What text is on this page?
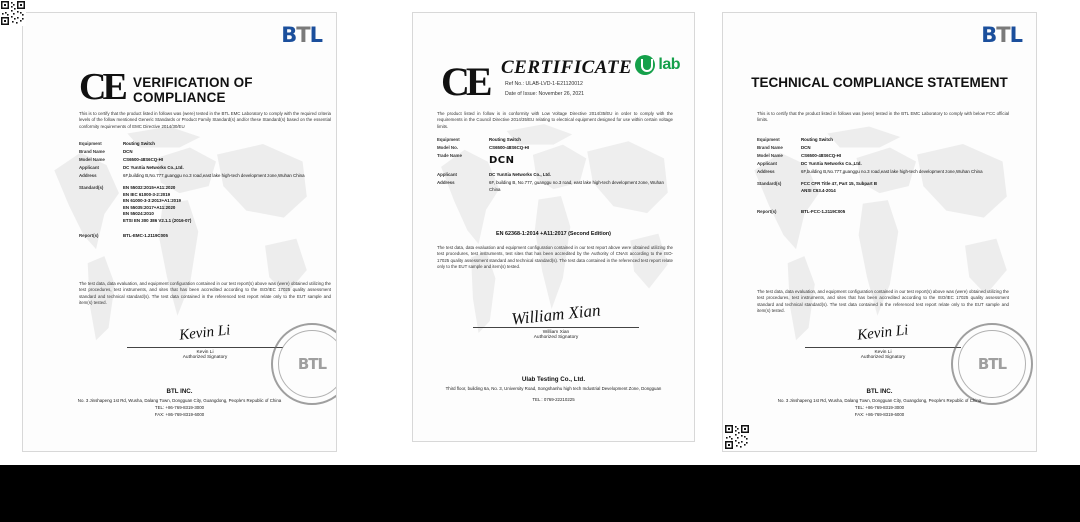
BTL
CE VERIFICATION OF COMPLIANCE
This is to certify that the product listed in follows was (were) tested in the BTL EMC Laboratory to comply with the required criteria levels of the follow mentioned Generic Standards or Product Family Standard(s) and/or these Standard(s) based on the essential conformity requirements of EMC Directive 2014/30/EU
Equipment	Routing Switch
Brand Name	DCN
Model Name	CS6500-48S6CQ-HI
Applicant	DC YunXia Networks Co.,Ltd.
Address	6F,building B,No.777,guanggu no.3 road,east lake high-tech development zone,Wuhan China
Standard(s)	EN 55032:2015+A11:2020
EN IEC 61000-3-2:2019
EN 61000-3-3:2013+A1:2019
EN 55035:2017+A11:2020
EN 55024:2010
ETSI EN 300 386 V2.1.1 (2016-07)
Report(s)	BTL-EMC-1.2119C005
The test data, data evaluation, and equipment configuration contained in our test report(s) above was (were) obtained utilizing the test procedures, test instruments, and sites that has been accredited according to the ISO/IEC 17025 quality assessment standard and technical standard(s). The test data contained in the referenced test report relate only to the EUT sample and item(s) tested.
Kevin Li
Kevin Li
Authorized Signatory	BTL
BTL INC.
No. 3 Jinshapeng 1st Rd, Wusha, Dalang Town, Dongguan City, Guangdong, People's Republic of China
TEL: +86-769-8319-3000
FAX: +86-769-8319-6000
CE CERTIFICATE
Ref No.: ULAB-LVD-1-E21120012
Date of Issue: November 26, 2021
lab
The product listed in follow is in conformity with Low Voltage Directive 2014/35/EU in order to comply with the requirements in the Council Directive 2014/35/EU relating to electrical equipment designed for use within certain voltage limits.
Equipment	Routing Switch
Model No.	CS6500-48S6CQ-HI
Trade Name	DCN
Applicant	DC YunXia Networks Co., Ltd.
Address	6F, building B, No.777, guanggu no.3 road, east lake high-tech development zone, Wuhan China
EN 62368-1:2014 +A11:2017 (Second Edition)
The test data, data evaluation and equipment configuration contained in our test report above were obtained utilizing the test procedures, test instruments, test sites that has been accredited by the Authority of CNAS according to the ISO-17025 quality assessment standard and technical standard(s). The test data contained in the referenced test report relate only to the EUT sample and item(s) tested.
William Xian
William Xian
Authorized Signatory
Ulab Testing Co., Ltd.
Third floor, building 6a, No. 3, University Road, Songshanhu high tech Industrial Development Zone, Dongguan
TEL : 0769-22210225
BTL
TECHNICAL COMPLIANCE STATEMENT
This is to certify that the product listed in follows was (were) tested in the BTL EMC Laboratory to comply with below FCC official limits.
Equipment	Routing Switch
Brand Name	DCN
Model Name	CS6500-48S6CQ-HI
Applicant	DC YunXia Networks Co.,Ltd.
Address	6F,building B,No.777,guanggu no.3 road,east lake high-tech development zone,Wuhan China
Standard(s)	FCC CFR Title 47, Part 15, Subpart B
ANSI C63.4-2014
Report(s)	BTL-FCC-1.2119C005
The test data, data evaluation, and equipment configuration contained in our test report(s) above was (were) obtained utilizing the test procedures, test instruments, and sites that has been accredited according to the ISO/IEC 17025 quality assessment standard and technical standard(s). The test data contained in the referenced test report relate only to the EUT sample and item(s) tested.
Kevin Li
Kevin Li
Authorized Signatory	BTL
BTL INC.
No. 3 Jinshapeng 1st Rd, Wusha, Dalang Town, Dongguan City, Guangdong, People's Republic of China
TEL: +86-769-8319-3000
FAX: +86-769-8319-6000
